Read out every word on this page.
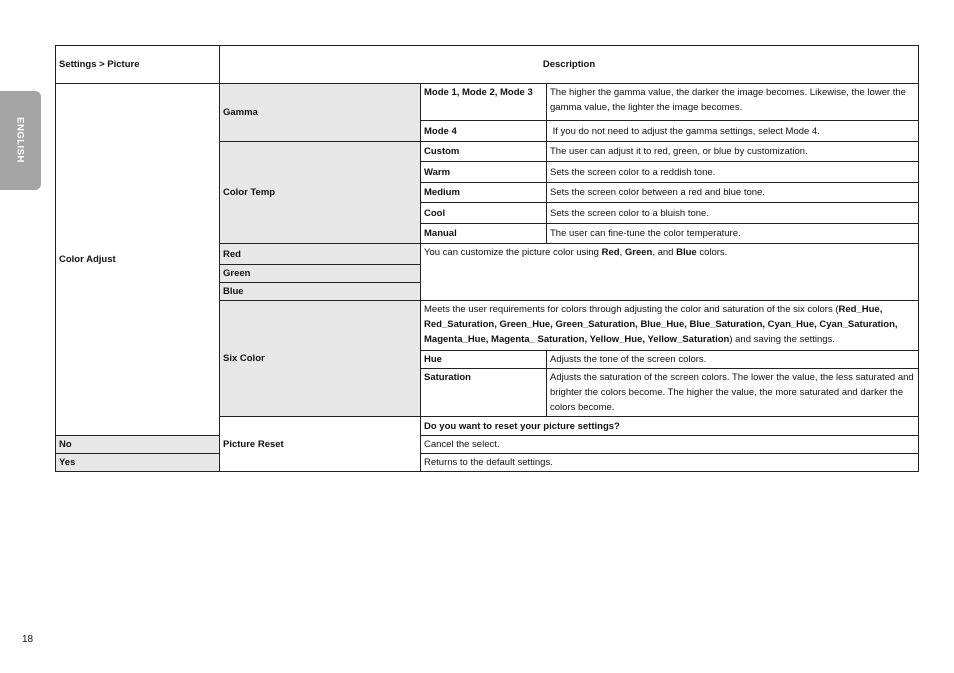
ENGLISH
Settings > Picture	Description		
Color Adjust	Gamma	Mode 1, Mode 2, Mode 3	The higher the gamma value, the darker the image becomes. Likewise, the lower the gamma value, the lighter the image becomes.
		Mode 4	If you do not need to adjust the gamma settings, select Mode 4.
	Color Temp	Custom	The user can adjust it to red, green, or blue by customization.
		Warm	Sets the screen color to a reddish tone.
		Medium	Sets the screen color between a red and blue tone.
		Cool	Sets the screen color to a bluish tone.
		Manual	The user can fine-tune the color temperature.
	Red	You can customize the picture color using Red, Green, and Blue colors.	
	Green		
	Blue		
	Six Color	Meets the user requirements for colors through adjusting the color and saturation of the six colors (Red_Hue, Red_Saturation, Green_Hue, Green_Saturation, Blue_Hue, Blue_Saturation, Cyan_Hue, Cyan_Saturation, Magenta_Hue, Magenta_ Saturation, Yellow_Hue, Yellow_Saturation) and saving the settings.	
		Hue	Adjusts the tone of the screen colors.
		Saturation	Adjusts the saturation of the screen colors. The lower the value, the less saturated and brighter the colors become. The higher the value, the more saturated and darker the colors become.
	Picture Reset	Do you want to reset your picture settings?	
No		Cancel the select.	
Yes		Returns to the default settings.	
18
